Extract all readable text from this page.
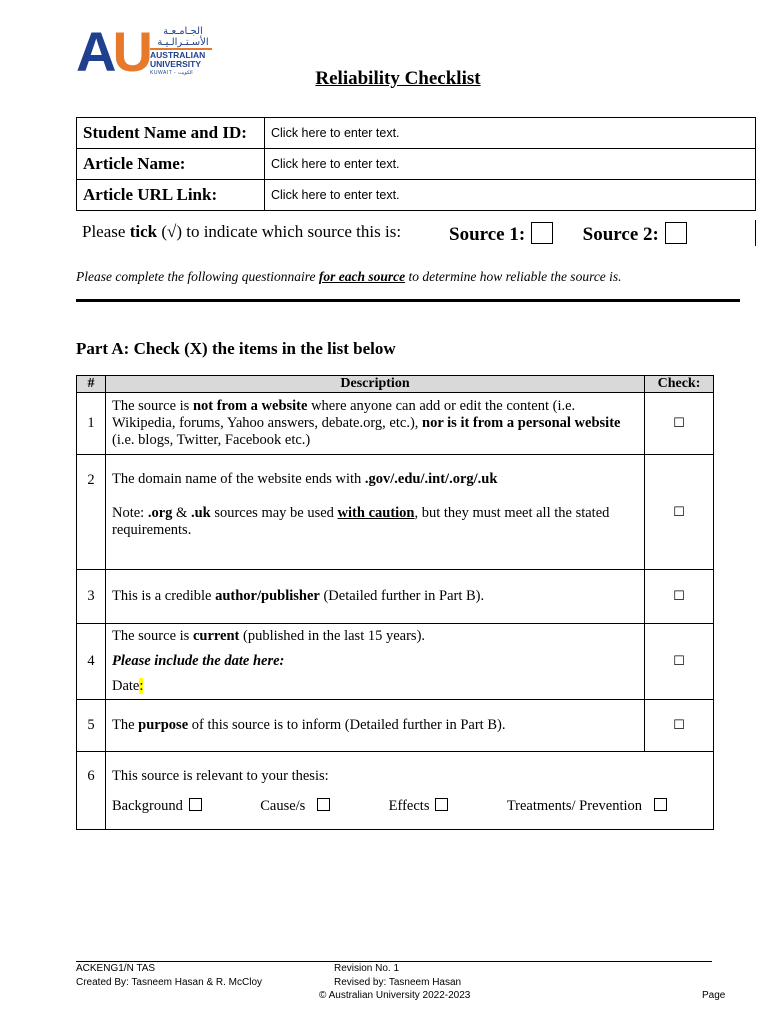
AU	الجـامـعـة
الأسـتـرالـيـة
AUSTRALIAN
UNIVERSITY
KUWAIT - الكويت	Reliability Checklist
Student Name and ID:	Click here to enter text.
Article Name:	Click here to enter text.
Article URL Link:	Click here to enter text.
Please tick (√) to indicate which source this is:	Source 1:	Source 2:
Please complete the following questionnaire for each source to determine how reliable the source is.
Part A: Check (X) the items in the list below
#	Description	Check:
1	The source is not from a website where anyone can add or edit the content (i.e. Wikipedia, forums, Yahoo answers, debate.org, etc.), nor is it from a personal website (i.e. blogs, Twitter, Facebook etc.)	☐
2	The domain name of the website ends with .gov/.edu/.int/.org/.uk
Note: .org & .uk sources may be used with caution, but they must meet all the stated requirements.	☐
3	This is a credible author/publisher (Detailed further in Part B).	☐
4	The source is current (published in the last 15 years).
Please include the date here:
Date:	☐
5	The purpose of this source is to inform (Detailed further in Part B).	☐
6	This source is relevant to your thesis:
Background Cause/s Effects Treatments/ Prevention	
ACKENG1/N TAS
Created By: Tasneem Hasan & R. McCloy
Revision No. 1
Revised by: Tasneem Hasan
© Australian University 2022-2023	Page
